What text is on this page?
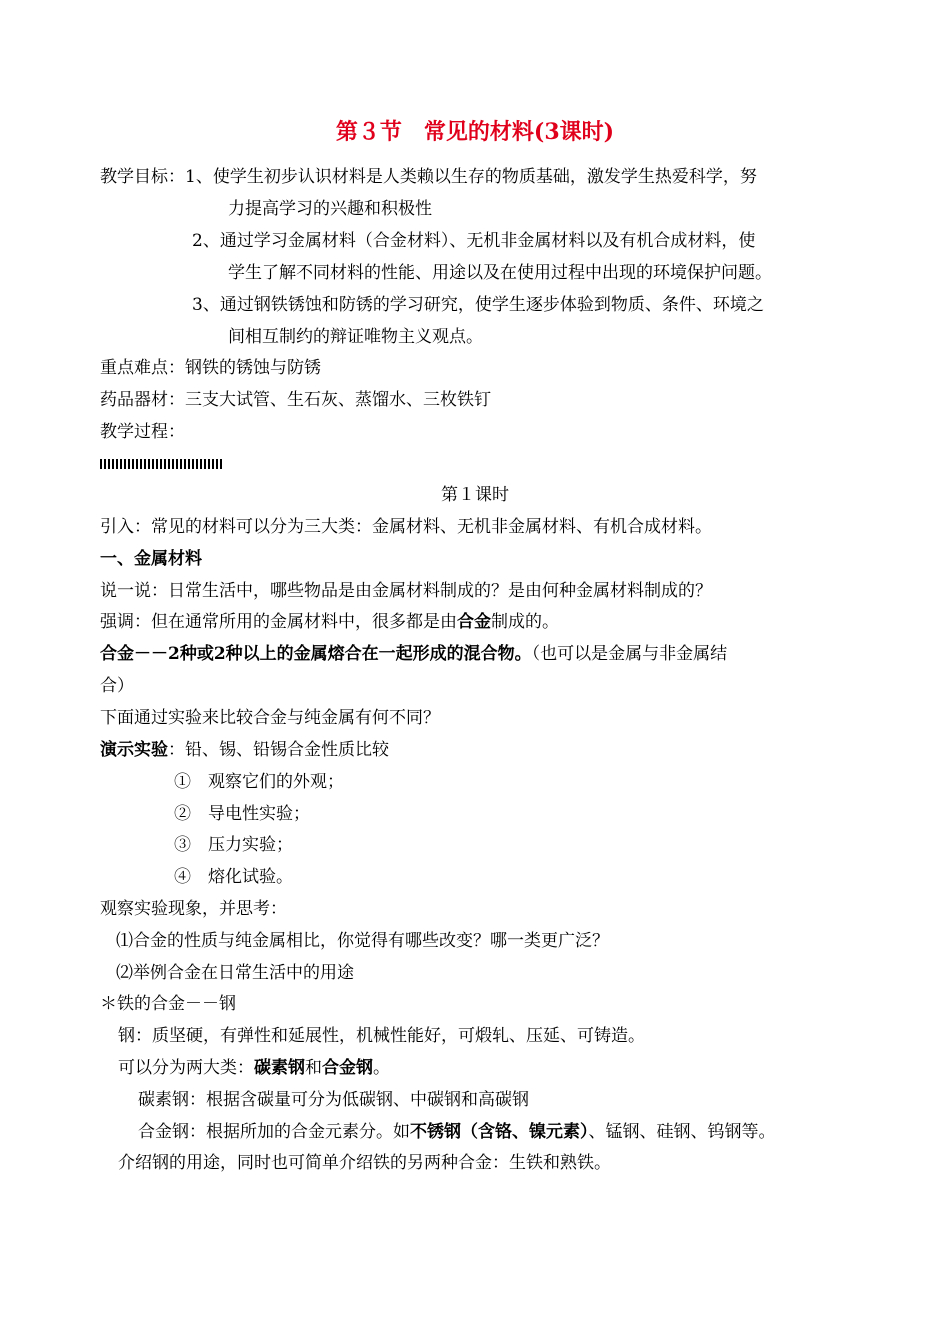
第３节　常见的材料(3课时)
教学目标：1、使学生初步认识材料是人类赖以生存的物质基础，激发学生热爱科学，努
力提高学习的兴趣和积极性
2、通过学习金属材料（合金材料）、无机非金属材料以及有机合成材料，使
学生了解不同材料的性能、用途以及在使用过程中出现的环境保护问题。
3、通过钢铁锈蚀和防锈的学习研究，使学生逐步体验到物质、条件、环境之
间相互制约的辩证唯物主义观点。
重点难点：钢铁的锈蚀与防锈
药品器材：三支大试管、生石灰、蒸馏水、三枚铁钉
教学过程：
第１课时
引入：常见的材料可以分为三大类：金属材料、无机非金属材料、有机合成材料。
一、金属材料
说一说：日常生活中，哪些物品是由金属材料制成的？是由何种金属材料制成的？
强调：但在通常所用的金属材料中，很多都是由合金制成的。
合金－－2种或2种以上的金属熔合在一起形成的混合物。（也可以是金属与非金属结
合）
下面通过实验来比较合金与纯金属有何不同？
演示实验：铅、锡、铅锡合金性质比较
①　观察它们的外观；
②　导电性实验；
③　压力实验；
④　熔化试验。
观察实验现象，并思考：
⑴合金的性质与纯金属相比，你觉得有哪些改变？哪一类更广泛？
⑵举例合金在日常生活中的用途
＊铁的合金－－钢
钢：质坚硬，有弹性和延展性，机械性能好，可煅轧、压延、可铸造。
可以分为两大类：碳素钢和合金钢。
碳素钢：根据含碳量可分为低碳钢、中碳钢和高碳钢
合金钢：根据所加的合金元素分。如不锈钢（含铬、镍元素）、锰钢、硅钢、钨钢等。
介绍钢的用途，同时也可简单介绍铁的另两种合金：生铁和熟铁。
